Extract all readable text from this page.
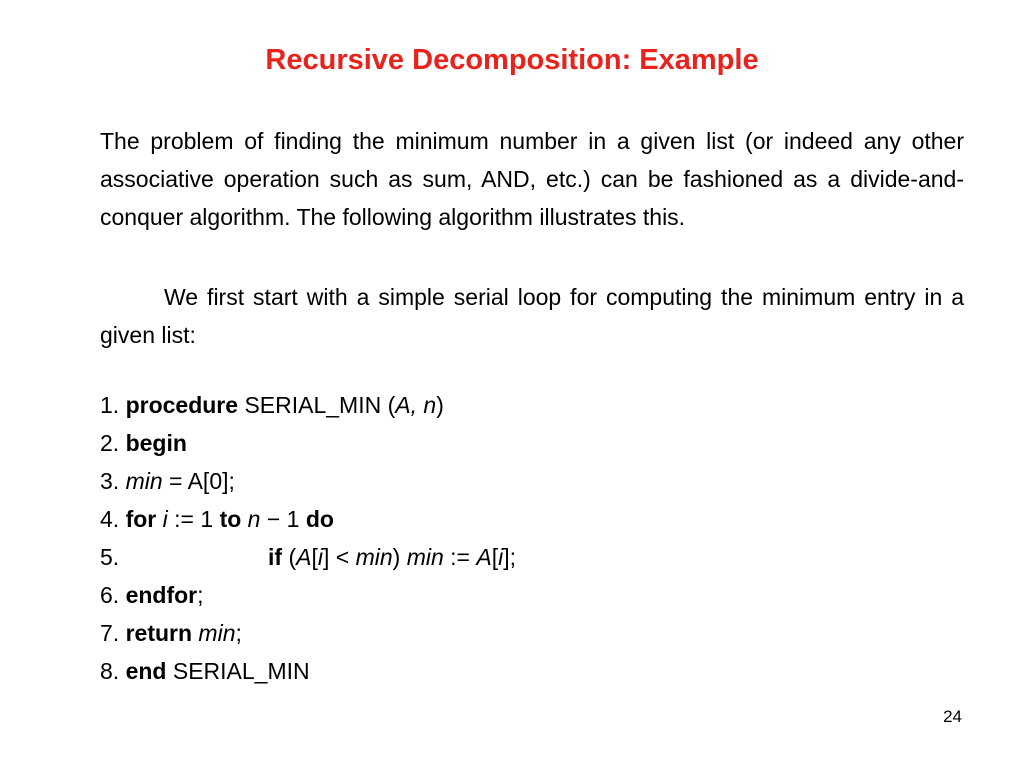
Recursive Decomposition: Example
The problem of finding the minimum number in a given list (or indeed any other associative operation such as sum, AND, etc.) can be fashioned as a divide-and-conquer algorithm. The following algorithm illustrates this.
We first start with a simple serial loop for computing the minimum entry in a given list:
1. procedure SERIAL_MIN (A, n)
2. begin
3. min = A[0];
4. for i := 1 to n − 1 do
5.	if (A[i] < min) min := A[i];
6. endfor;
7. return min;
8. end SERIAL_MIN
24
